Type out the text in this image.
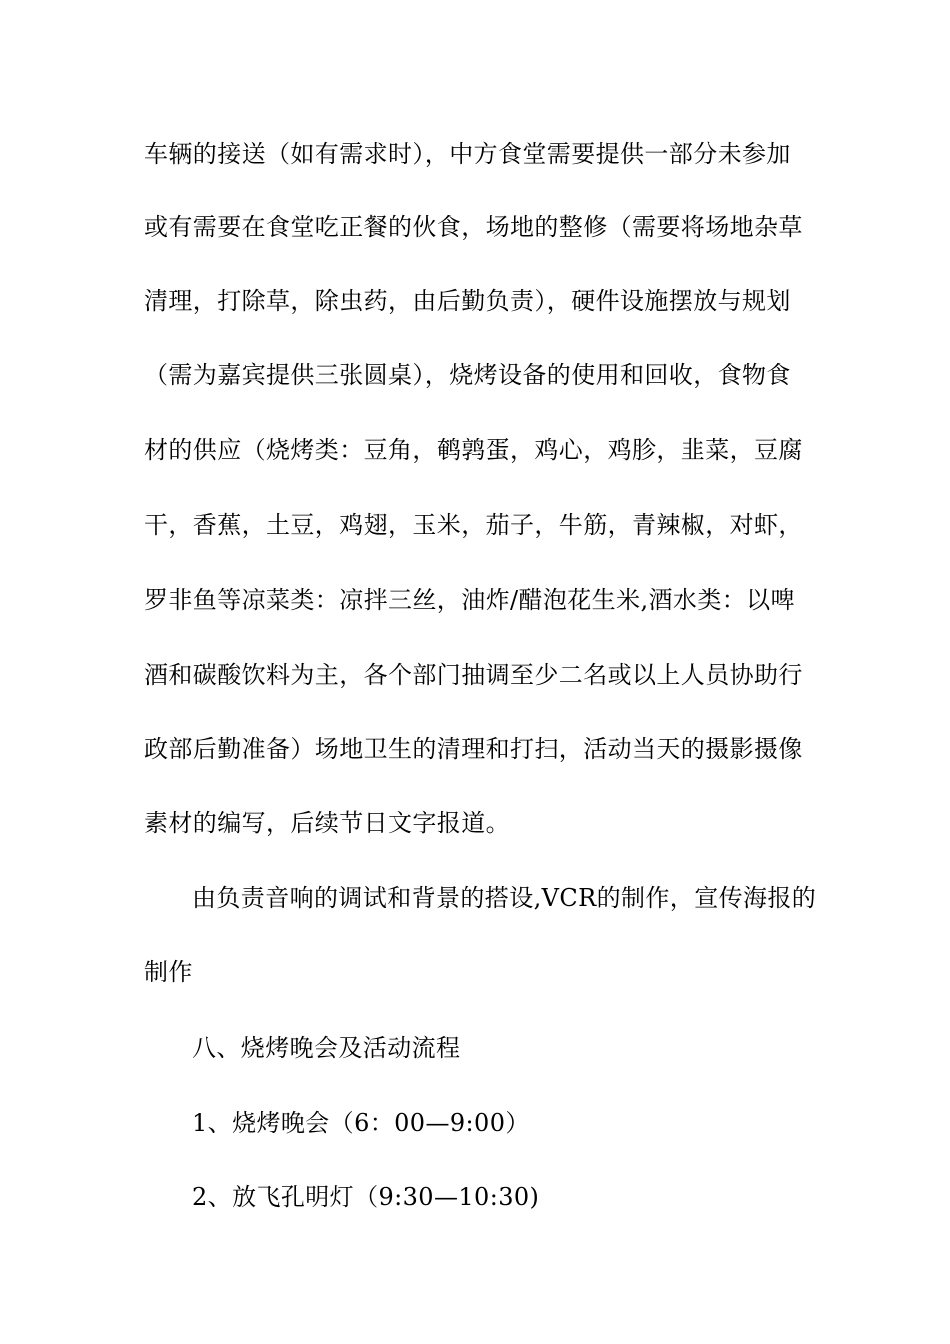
车辆的接送（如有需求时），中方食堂需要提供一部分未参加
或有需要在食堂吃正餐的伙食，场地的整修（需要将场地杂草
清理，打除草，除虫药，由后勤负责），硬件设施摆放与规划
（需为嘉宾提供三张圆桌），烧烤设备的使用和回收，食物食
材的供应（烧烤类：豆角，鹌鹑蛋，鸡心，鸡胗，韭菜，豆腐
干，香蕉，土豆，鸡翅，玉米，茄子，牛筋，青辣椒，对虾，
罗非鱼等凉菜类：凉拌三丝，油炸/醋泡花生米,酒水类：以啤
酒和碳酸饮料为主，各个部门抽调至少二名或以上人员协助行
政部后勤准备）场地卫生的清理和打扫，活动当天的摄影摄像
素材的编写，后续节日文字报道。
由负责音响的调试和背景的搭设,VCR的制作，宣传海报的
制作
八、烧烤晚会及活动流程
1、烧烤晚会（6：00—9:00）
2、放飞孔明灯（9:30—10:30)
